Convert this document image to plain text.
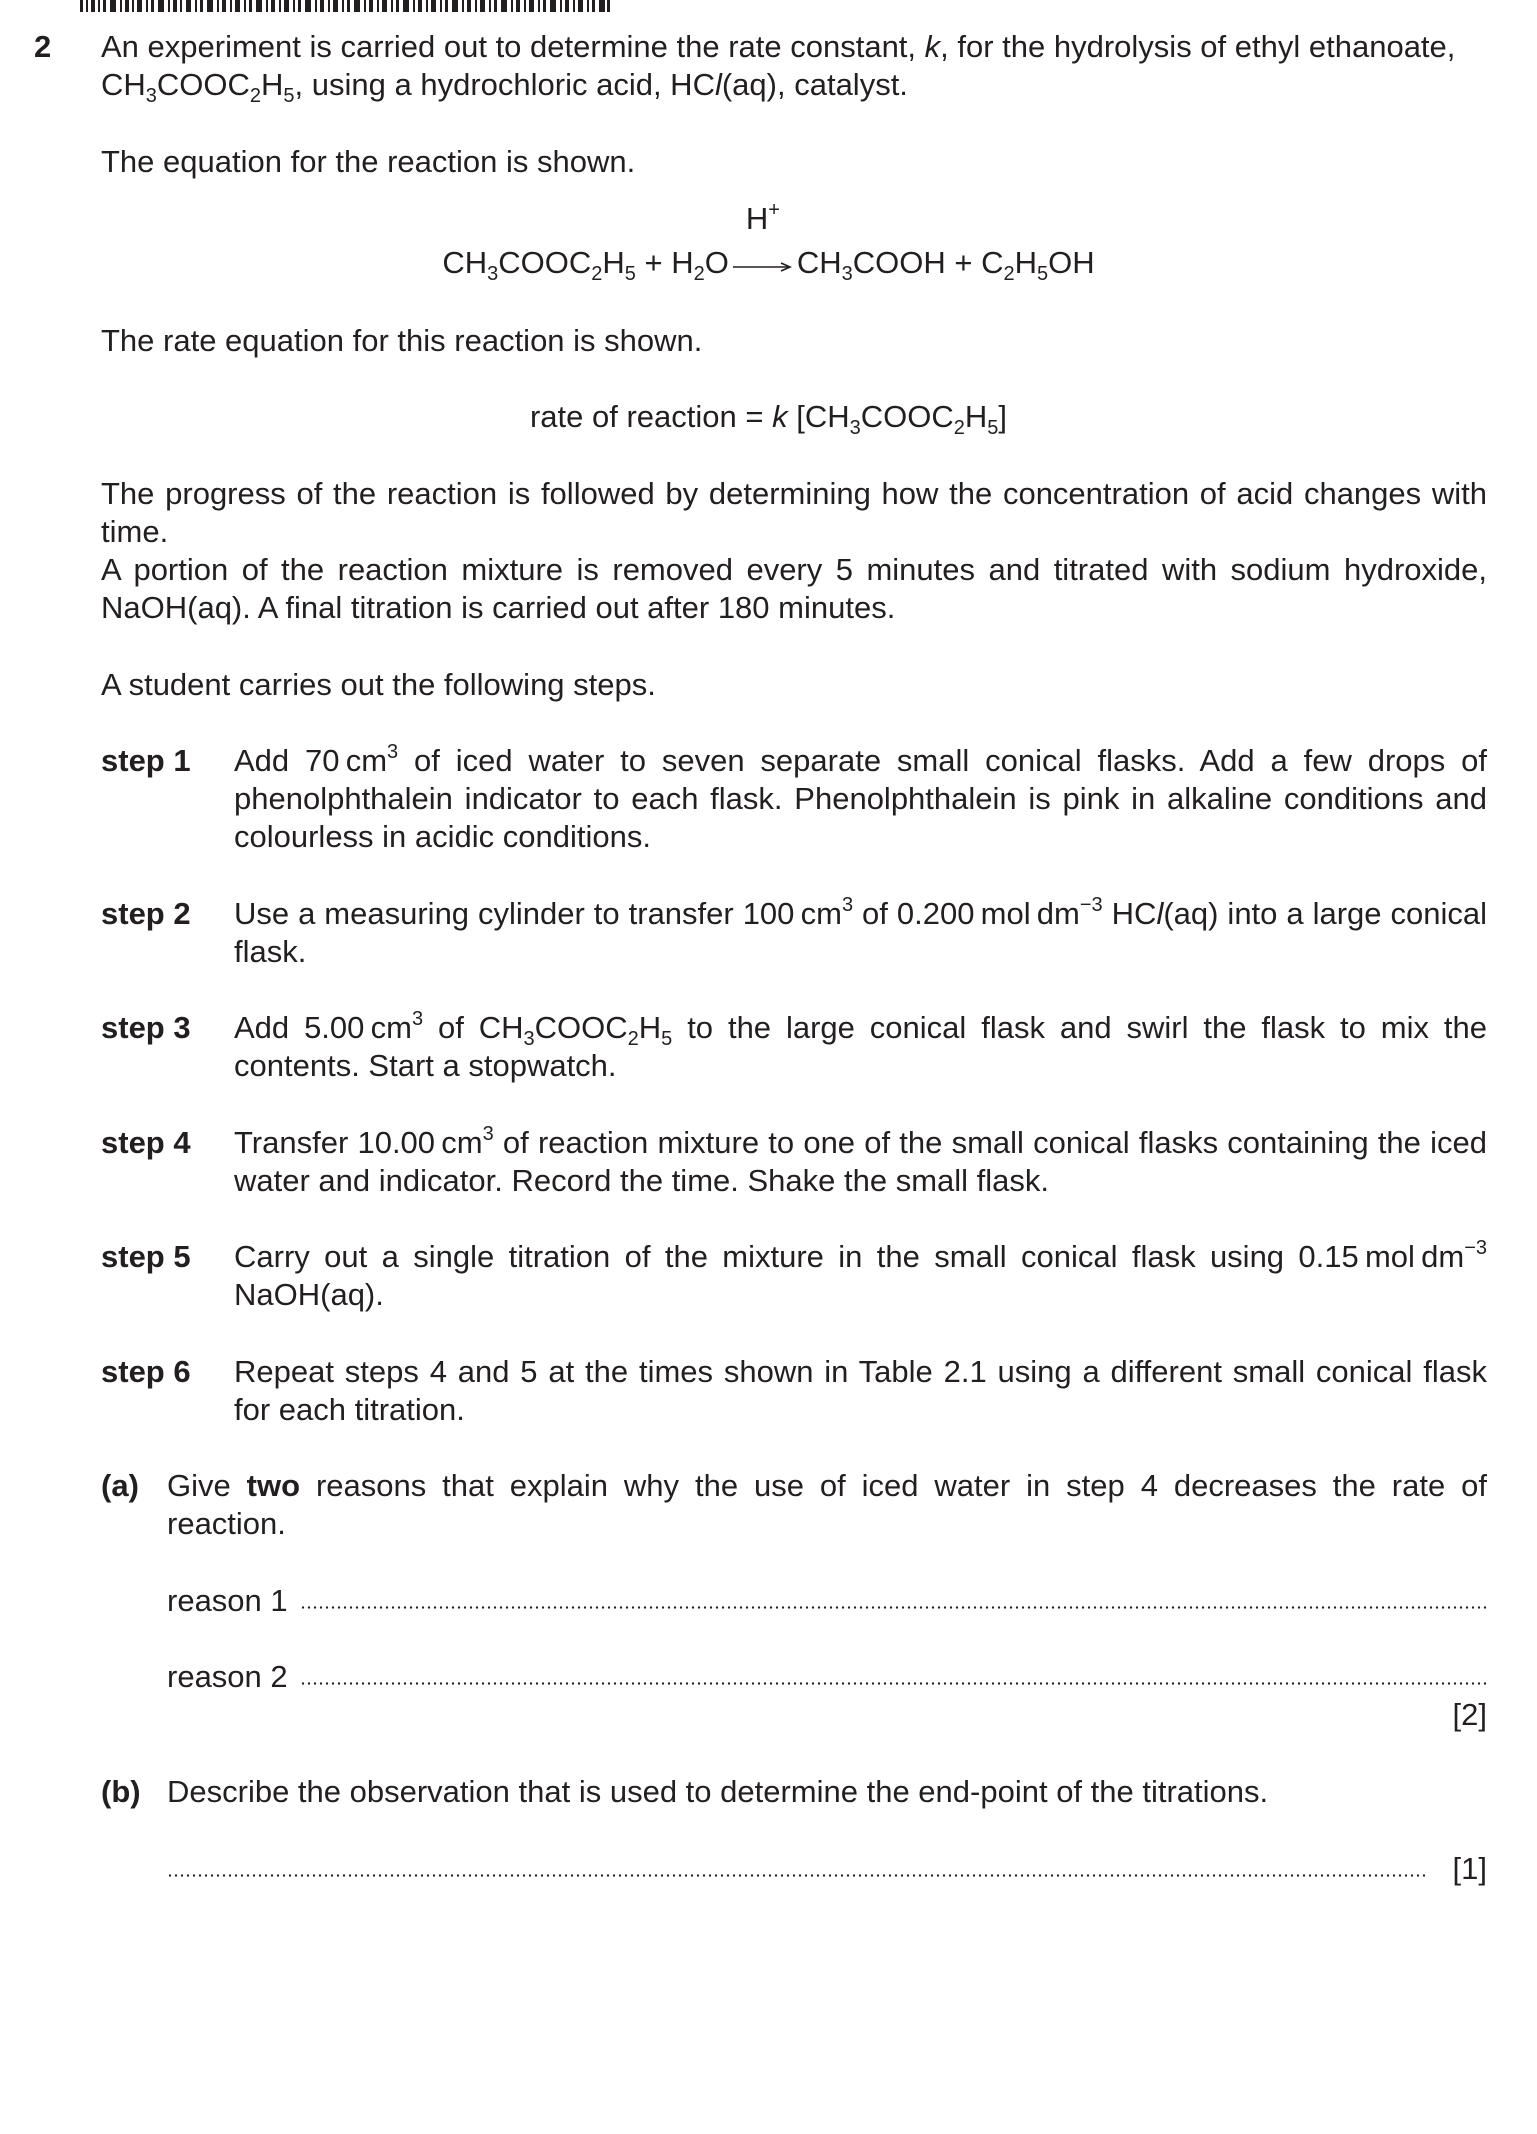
2 An experiment is carried out to determine the rate constant, k, for the hydrolysis of ethyl ethanoate,
$CH_3COOC_2H_5$, using a hydrochloric acid, HCl(aq), catalyst.
The equation for the reaction is shown.
$CH_3COOC_2H_5 + H_2O$
H+
$CH_3COOH + C_2H_5OH$
The rate equation for this reaction is shown.
rate of reaction = k $[CH_3COOC_2H_5]$
The progress of the reaction is followed by determining how the concentration of acid changes with time.
A portion of the reaction mixture is removed every 5 minutes and titrated with sodium hydroxide, NaOH(aq). A final titration is carried out after 180 minutes.
A student carries out the following steps.
step 1 Add 70 $cm^3$ of iced water to seven separate small conical flasks. Add a few drops of phenolphthalein indicator to each flask. Phenolphthalein is pink in alkaline conditions and colourless in acidic conditions.
step 2 Use a measuring cylinder to transfer 100 $cm^3$ of 0.200 mol $dm^{-3}$ HCl(aq) into a large conical flask.
step 3 Add 5.00 $cm^3$ of $CH_3COOC_2H_5$ to the large conical flask and swirl the flask to mix the contents. Start a stopwatch.
step 4 Transfer 10.00 $cm^3$ of reaction mixture to one of the small conical flasks containing the iced water and indicator. Record the time. Shake the small flask.
step 5 Carry out a single titration of the mixture in the small conical flask using 0.15 mol $dm^{-3}$ NaOH(aq).
step 6 Repeat steps 4 and 5 at the times shown in Table 2.1 using a different small conical flask for each titration.
(a) Give two reasons that explain why the use of iced water in step 4 decreases the rate of reaction.
reason 1
reason 2
[2]
(b) Describe the observation that is used to determine the end-point of the titrations.
[1]
